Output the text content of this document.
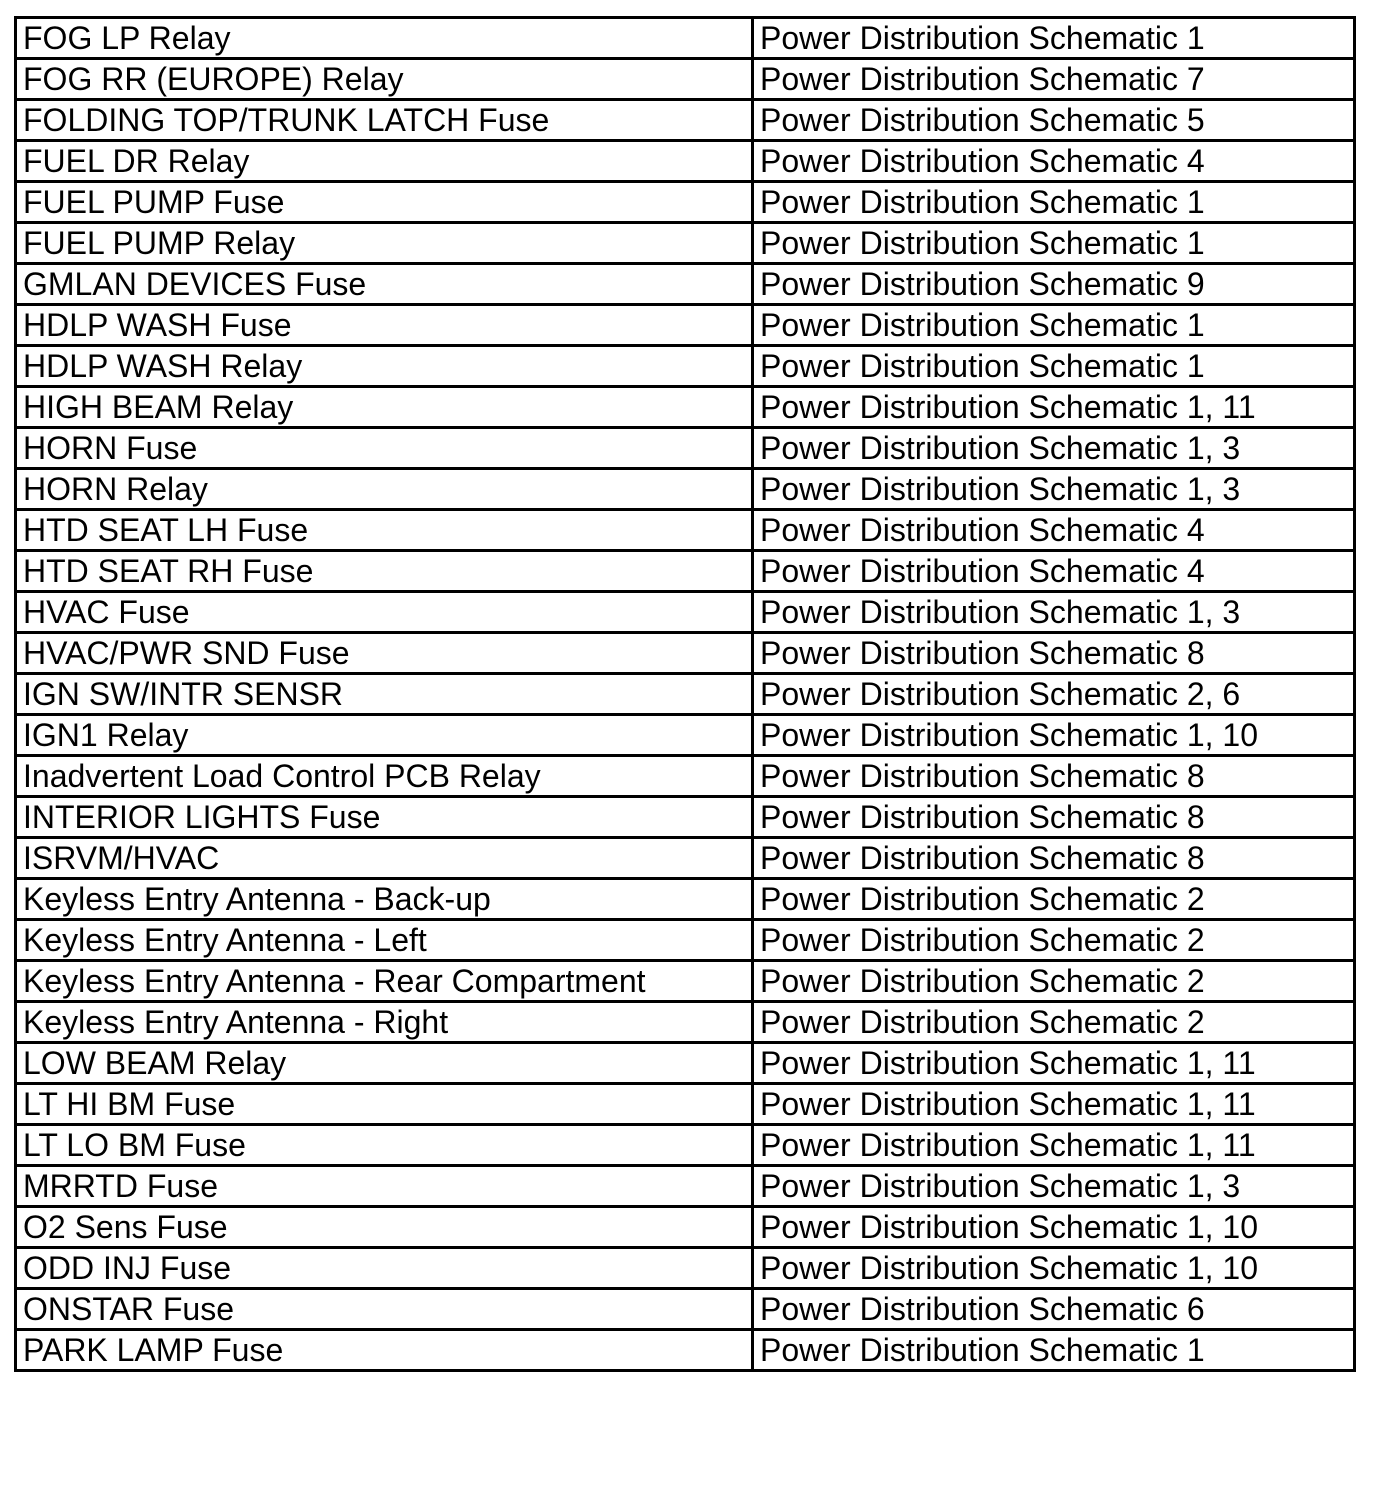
FOG LP Relay	Power Distribution Schematic 1
FOG RR (EUROPE) Relay	Power Distribution Schematic 7
FOLDING TOP/TRUNK LATCH Fuse	Power Distribution Schematic 5
FUEL DR Relay	Power Distribution Schematic 4
FUEL PUMP Fuse	Power Distribution Schematic 1
FUEL PUMP Relay	Power Distribution Schematic 1
GMLAN DEVICES Fuse	Power Distribution Schematic 9
HDLP WASH Fuse	Power Distribution Schematic 1
HDLP WASH Relay	Power Distribution Schematic 1
HIGH BEAM Relay	Power Distribution Schematic 1, 11
HORN Fuse	Power Distribution Schematic 1, 3
HORN Relay	Power Distribution Schematic 1, 3
HTD SEAT LH Fuse	Power Distribution Schematic 4
HTD SEAT RH Fuse	Power Distribution Schematic 4
HVAC Fuse	Power Distribution Schematic 1, 3
HVAC/PWR SND Fuse	Power Distribution Schematic 8
IGN SW/INTR SENSR	Power Distribution Schematic 2, 6
IGN1 Relay	Power Distribution Schematic 1, 10
Inadvertent Load Control PCB Relay	Power Distribution Schematic 8
INTERIOR LIGHTS Fuse	Power Distribution Schematic 8
ISRVM/HVAC	Power Distribution Schematic 8
Keyless Entry Antenna - Back-up	Power Distribution Schematic 2
Keyless Entry Antenna - Left	Power Distribution Schematic 2
Keyless Entry Antenna - Rear Compartment	Power Distribution Schematic 2
Keyless Entry Antenna - Right	Power Distribution Schematic 2
LOW BEAM Relay	Power Distribution Schematic 1, 11
LT HI BM Fuse	Power Distribution Schematic 1, 11
LT LO BM Fuse	Power Distribution Schematic 1, 11
MRRTD Fuse	Power Distribution Schematic 1, 3
O2 Sens Fuse	Power Distribution Schematic 1, 10
ODD INJ Fuse	Power Distribution Schematic 1, 10
ONSTAR Fuse	Power Distribution Schematic 6
PARK LAMP Fuse	Power Distribution Schematic 1
